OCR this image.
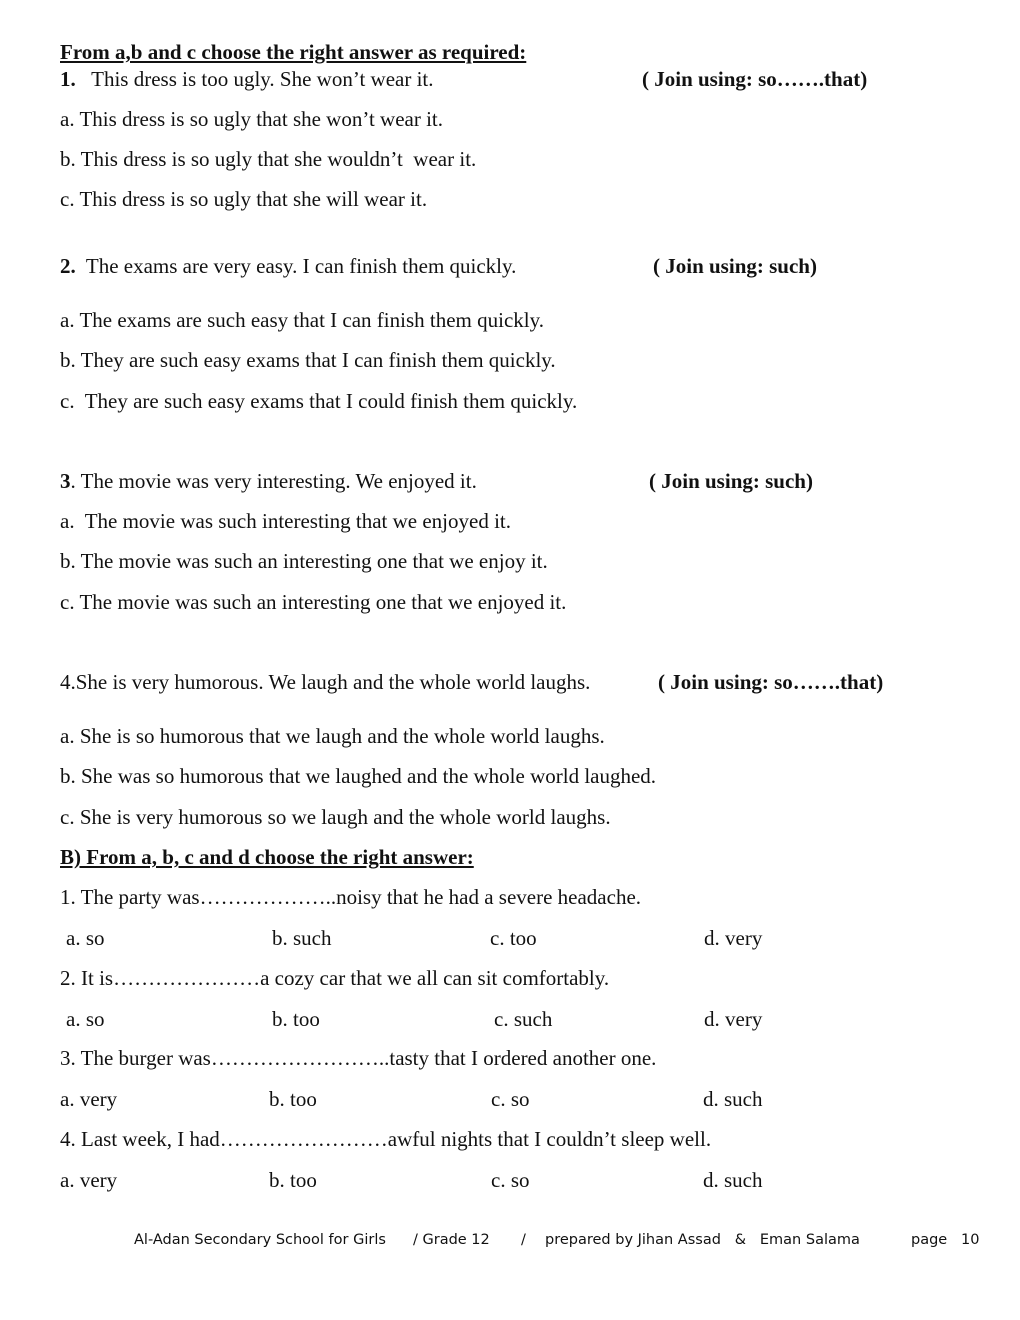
From a,b and c choose the right answer as required:
1. This dress is too ugly. She won’t wear it.	( Join using: so…….that)
a. This dress is so ugly that she won’t wear it.
b. This dress is so ugly that she wouldn’t  wear it.
c. This dress is so ugly that she will wear it.
2. The exams are very easy. I can finish them quickly.	( Join using: such)
a. The exams are such easy that I can finish them quickly.
b. They are such easy exams that I can finish them quickly.
c.  They are such easy exams that I could finish them quickly.
3. The movie was very interesting. We enjoyed it.	( Join using: such)
a.  The movie was such interesting that we enjoyed it.
b. The movie was such an interesting one that we enjoy it.
c. The movie was such an interesting one that we enjoyed it.
4.She is very humorous. We laugh and the whole world laughs.	( Join using: so…….that)
a. She is so humorous that we laugh and the whole world laughs.
b. She was so humorous that we laughed and the whole world laughed.
c. She is very humorous so we laugh and the whole world laughs.
B) From a, b, c and d choose the right answer:
1. The party was………………..noisy that he had a severe headache.
a. so	b. such	c. too	d. very
2. It is…………………a cozy car that we all can sit comfortably.
a. so	b. too	c. such	d. very
3. The burger was……………………..tasty that I ordered another one.
a. very	b. too	c. so	d. such
4. Last week, I had……………………awful nights that I couldn’t sleep well.
a. very	b. too	c. so	d. such
Al-Adan Secondary School for Girls / Grade 12 / prepared by Jihan Assad   &   Eman Salama	page 10
